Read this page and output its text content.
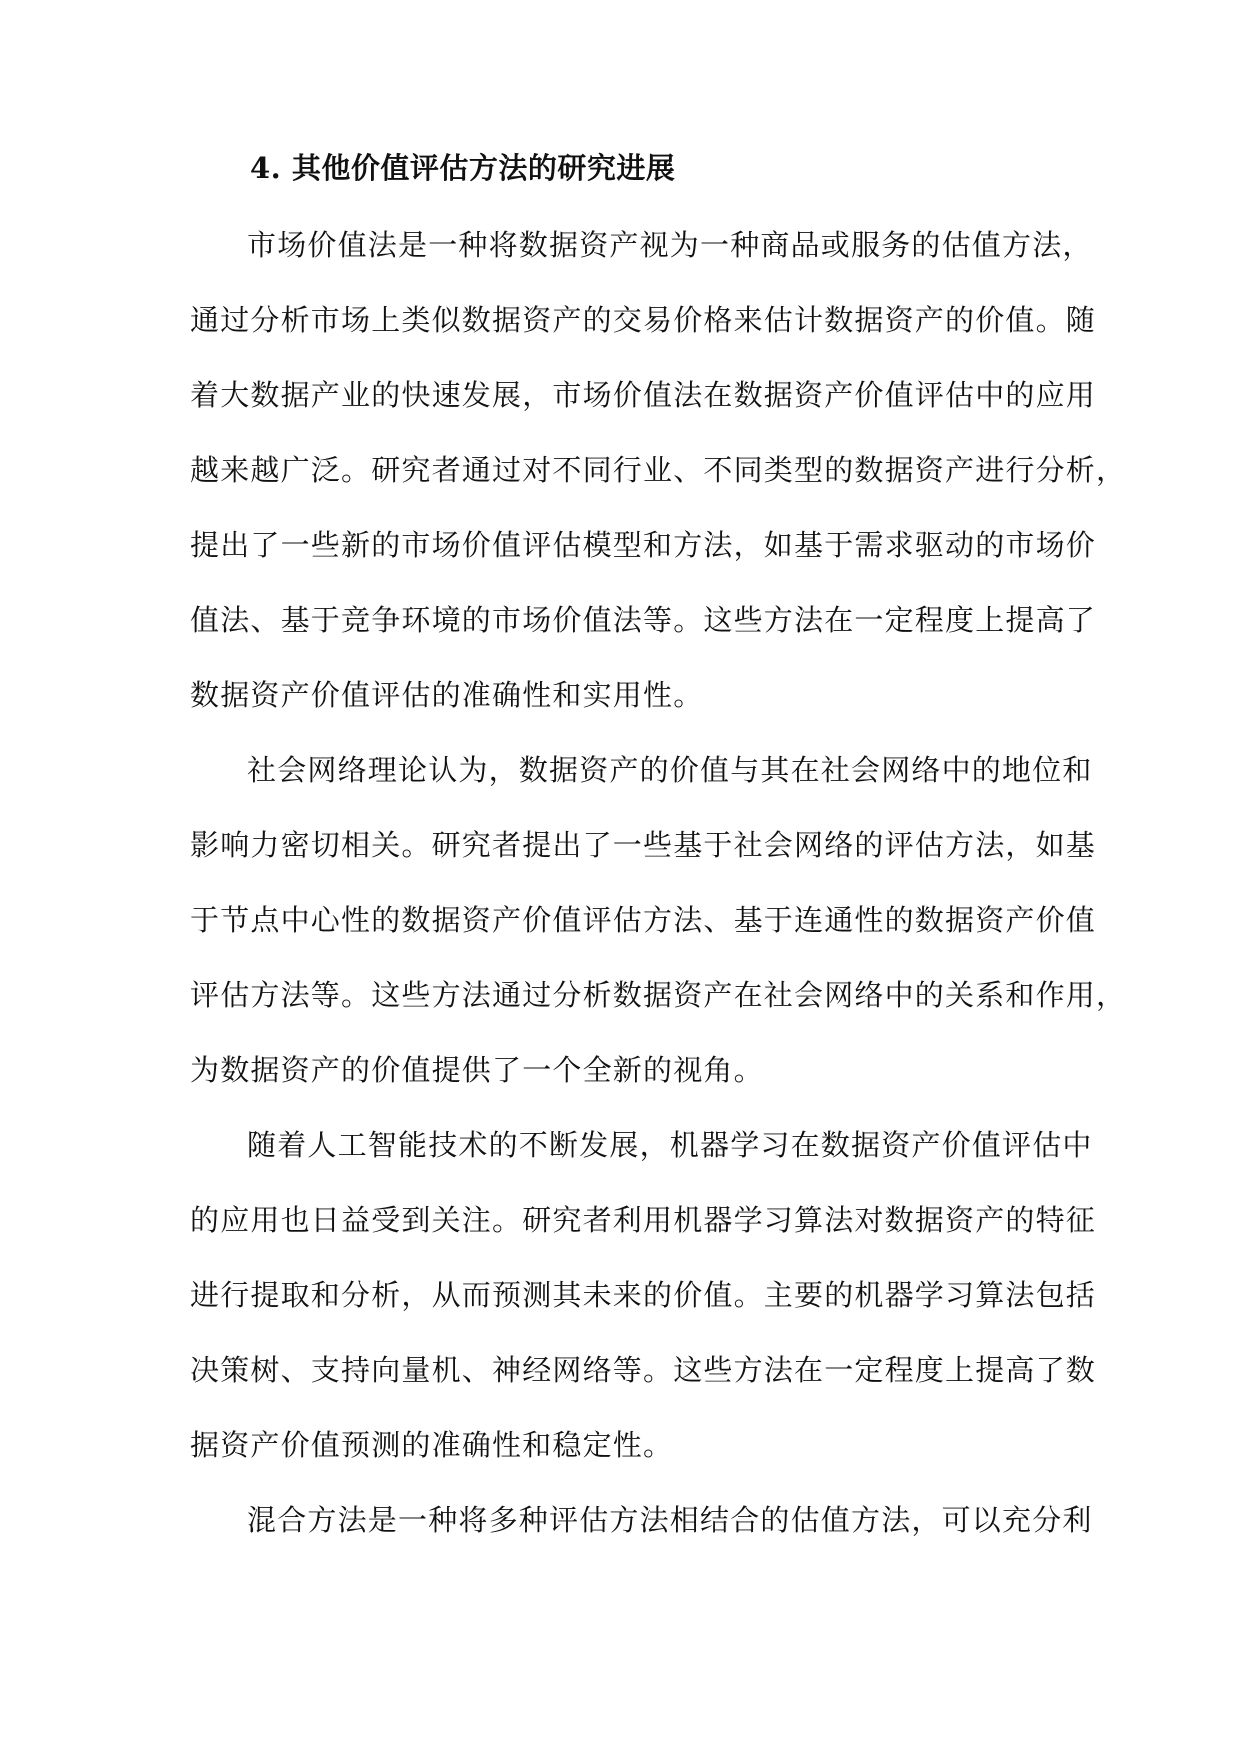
4. 其他价值评估方法的研究进展
市场价值法是一种将数据资产视为一种商品或服务的估值方法，
通过分析市场上类似数据资产的交易价格来估计数据资产的价值。随
着大数据产业的快速发展，市场价值法在数据资产价值评估中的应用
越来越广泛。研究者通过对不同行业、不同类型的数据资产进行分析，
提出了一些新的市场价值评估模型和方法，如基于需求驱动的市场价
值法、基于竞争环境的市场价值法等。这些方法在一定程度上提高了
数据资产价值评估的准确性和实用性。
社会网络理论认为，数据资产的价值与其在社会网络中的地位和
影响力密切相关。研究者提出了一些基于社会网络的评估方法，如基
于节点中心性的数据资产价值评估方法、基于连通性的数据资产价值
评估方法等。这些方法通过分析数据资产在社会网络中的关系和作用，
为数据资产的价值提供了一个全新的视角。
随着人工智能技术的不断发展，机器学习在数据资产价值评估中
的应用也日益受到关注。研究者利用机器学习算法对数据资产的特征
进行提取和分析，从而预测其未来的价值。主要的机器学习算法包括
决策树、支持向量机、神经网络等。这些方法在一定程度上提高了数
据资产价值预测的准确性和稳定性。
混合方法是一种将多种评估方法相结合的估值方法，可以充分利
